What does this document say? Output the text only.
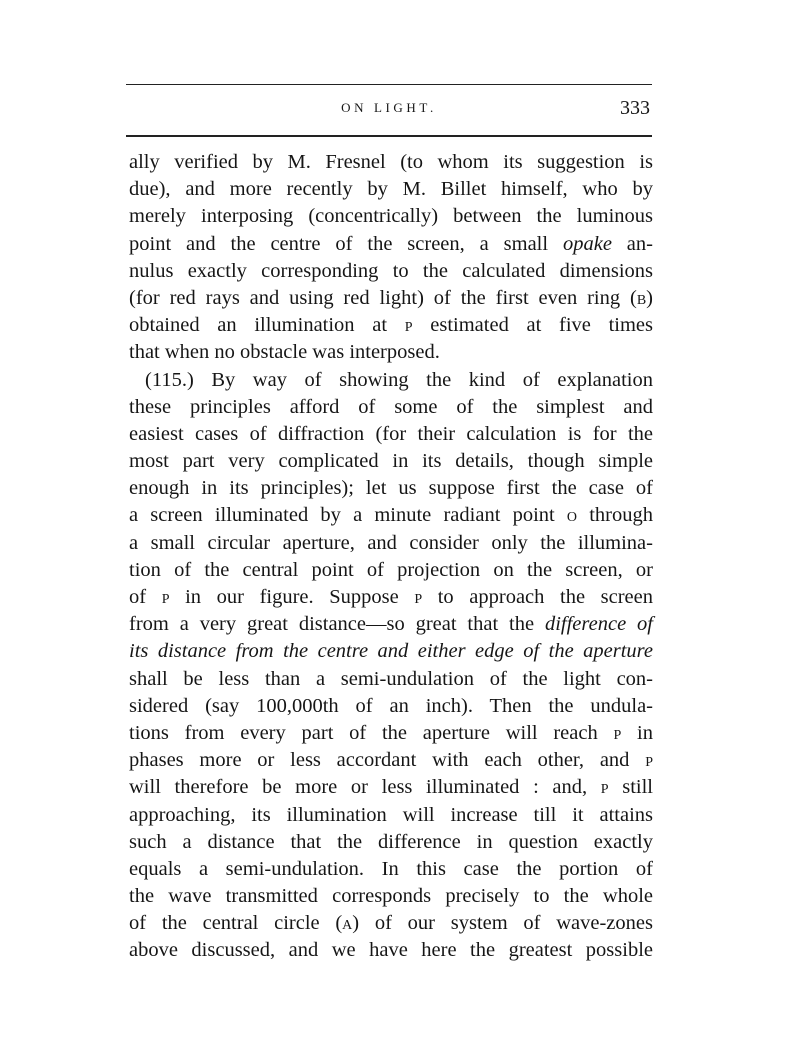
ON LIGHT.	333
ally verified by M. Fresnel (to whom its suggestion is
due), and more recently by M. Billet himself, who by
merely interposing (concentrically) between the luminous
point and the centre of the screen, a small opake an-
nulus exactly corresponding to the calculated dimensions
(for red rays and using red light) of the first even ring (B)
obtained an illumination at P estimated at five times
that when no obstacle was interposed.
(115.) By way of showing the kind of explanation
these principles afford of some of the simplest and
easiest cases of diffraction (for their calculation is for the
most part very complicated in its details, though simple
enough in its principles); let us suppose first the case of
a screen illuminated by a minute radiant point O through
a small circular aperture, and consider only the illumina-
tion of the central point of projection on the screen, or
of P in our figure. Suppose P to approach the screen
from a very great distance—so great that the difference of
its distance from the centre and either edge of the aperture
shall be less than a semi-undulation of the light con-
sidered (say 100,000th of an inch). Then the undula-
tions from every part of the aperture will reach P in
phases more or less accordant with each other, and P
will therefore be more or less illuminated : and, P still
approaching, its illumination will increase till it attains
such a distance that the difference in question exactly
equals a semi-undulation. In this case the portion of
the wave transmitted corresponds precisely to the whole
of the central circle (A) of our system of wave-zones
above discussed, and we have here the greatest possible
